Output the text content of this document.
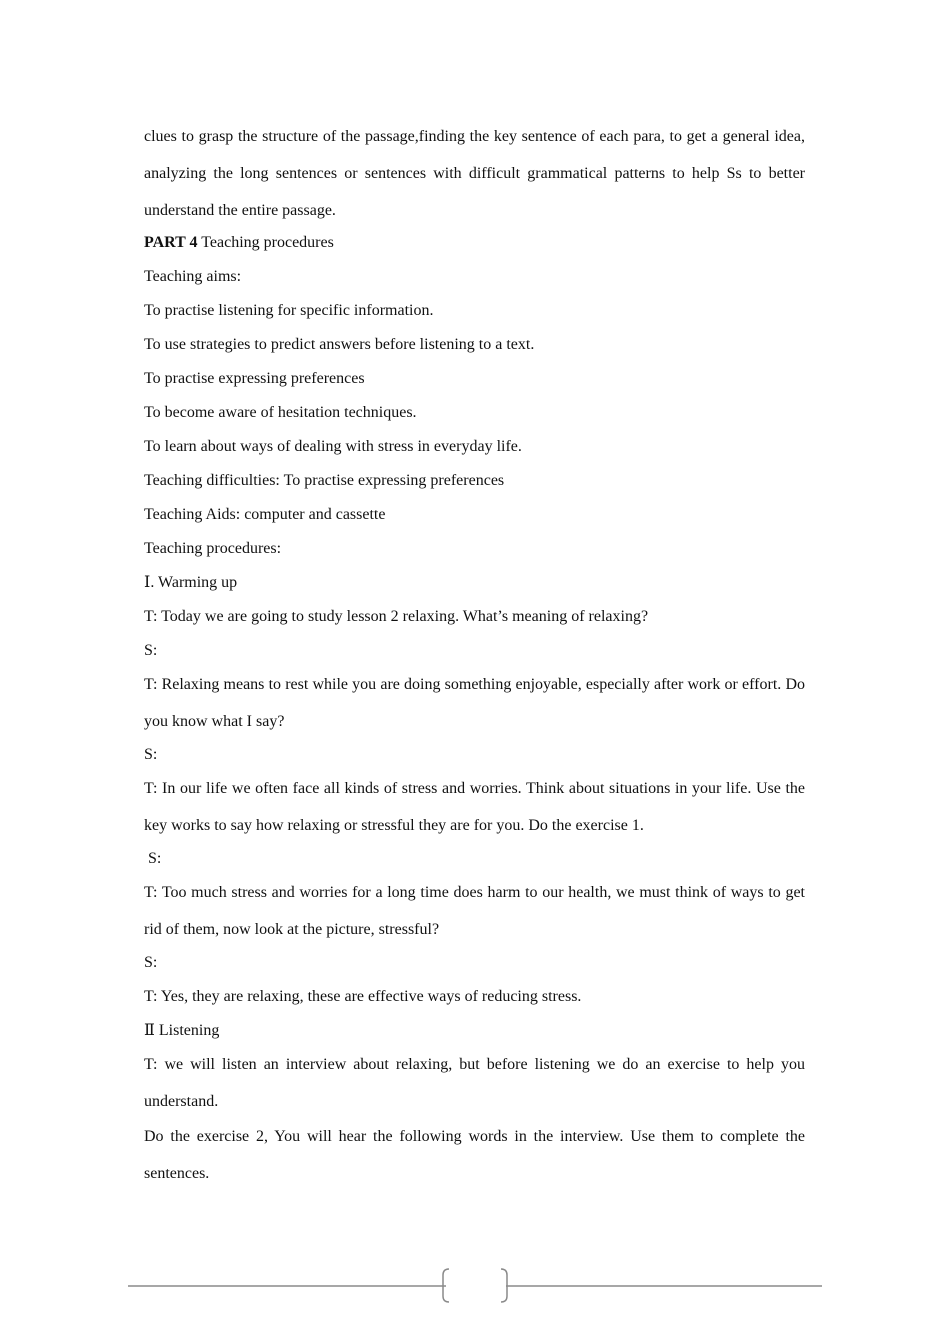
clues to grasp the structure of the passage,finding the key sentence of each para, to get a general idea, analyzing the long sentences or sentences with difficult grammatical patterns to help Ss to better understand the entire passage.

PART 4 Teaching procedures

Teaching aims:

To practise listening for specific information.

To use strategies to predict answers before listening to a text.

To practise expressing preferences

To become aware of hesitation techniques.

To learn about ways of dealing with stress in everyday life.

Teaching difficulties: To practise expressing preferences

Teaching Aids: computer and cassette

Teaching procedures:

Ⅰ. Warming up

T: Today we are going to study lesson 2 relaxing. What’s meaning of relaxing?

S:

T: Relaxing means to rest while you are doing something enjoyable, especially after work or effort. Do you know what I say?

S:

T: In our life we often face all kinds of stress and worries. Think about situations in your life. Use the key works to say how relaxing or stressful they are for you. Do the exercise 1.

S:

T: Too much stress and worries for a long time does harm to our health, we must think of ways to get rid of them, now look at the picture, stressful?

S:

T: Yes, they are relaxing, these are effective ways of reducing stress.

Ⅱ Listening

T: we will listen an interview about relaxing, but before listening we do an exercise to help you understand.

Do the exercise 2, You will hear the following words in the interview. Use them to complete the sentences.
